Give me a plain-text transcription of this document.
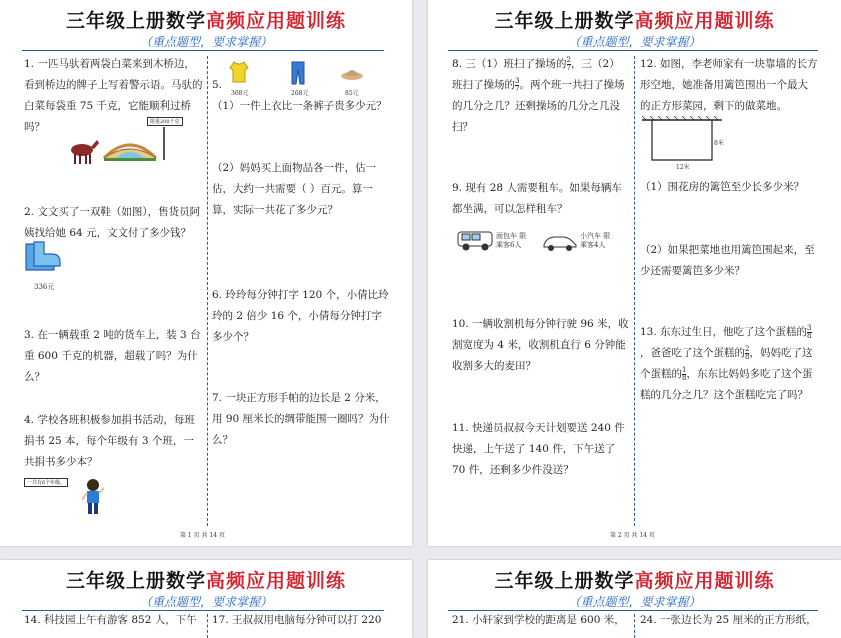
三年级上册数学高频应用题训练
（重点题型，要求掌握）
1. 一匹马驮着两袋白菜来到木桥边，看到桥边的牌子上写着警示语。马驮的白菜每袋重 75 千克，它能顺利过桥吗？	限重200千克
2. 文文买了一双鞋（如图），售货员阿姨找给她 64 元，文文付了多少钱？
336元
3. 在一辆载重 2 吨的货车上，装 3 台重 600 千克的机器，超载了吗？为什么？
4. 学校各班积极参加捐书活动，每班捐书 25 本，每个年级有 3 个班，一共捐书多少本？
一共有6个年级。
5.
368元	268元	85元
（1）一件上衣比一条裤子贵多少元？
（2）妈妈买上面物品各一件，估一估，大约一共需要（ ）百元。算一算，实际一共花了多少元？
6. 玲玲每分钟打字 120 个，小倩比玲玲的 2 倍少 16 个，小倩每分钟打字多少个？
7. 一块正方形手帕的边长是 2 分米，用 90 厘米长的绸带能围一圈吗？为什么？
第 1 页 共 14 页
三年级上册数学高频应用题训练
（重点题型，要求掌握）
8. 三（1）班扫了操场的 $\frac{2}{7}$ ，三（2）班扫了操场的 $\frac{3}{7}$ 。两个班一共扫了操场的几分之几？还剩操场的几分之几没扫？
9. 现有 28 人需要租车。如果每辆车都坐满，可以怎样租车？
面包车 限乘客6人
小汽车 限乘客4人
10. 一辆收割机每分钟行驶 96 米，收割宽度为 4 米，收割机直行 6 分钟能收割多大的麦田？
11. 快递员叔叔今天计划要送 240 件快递，上午送了 140 件，下午送了 70 件，还剩多少件没送？
12. 如图，李老师家有一块靠墙的长方形空地，她准备用篱笆围出一个最大的正方形菜园，剩下的做菜地。
8米
12米
（1）围花房的篱笆至少长多少米？
（2）如果把菜地也用篱笆围起来，至少还需要篱笆多少米？
13. 东东过生日，他吃了这个蛋糕的 $\frac{3}{8}$
，爸爸吃了这个蛋糕的 $\frac{2}{8}$ ，妈妈吃了这个蛋糕的 $\frac{1}{8}$ ，东东比妈妈多吃了这个蛋糕的几分之几？这个蛋糕吃完了吗？
第 2 页 共 14 页
三年级上册数学高频应用题训练
（重点题型，要求掌握）
14. 科技园上午有游客 852 人，下午	17. 王叔叔用电脑每分钟可以打 220
三年级上册数学高频应用题训练
（重点题型，要求掌握）
21. 小轩家到学校的距离是 600 米，	24. 一张边长为 25 厘米的正方形纸，
